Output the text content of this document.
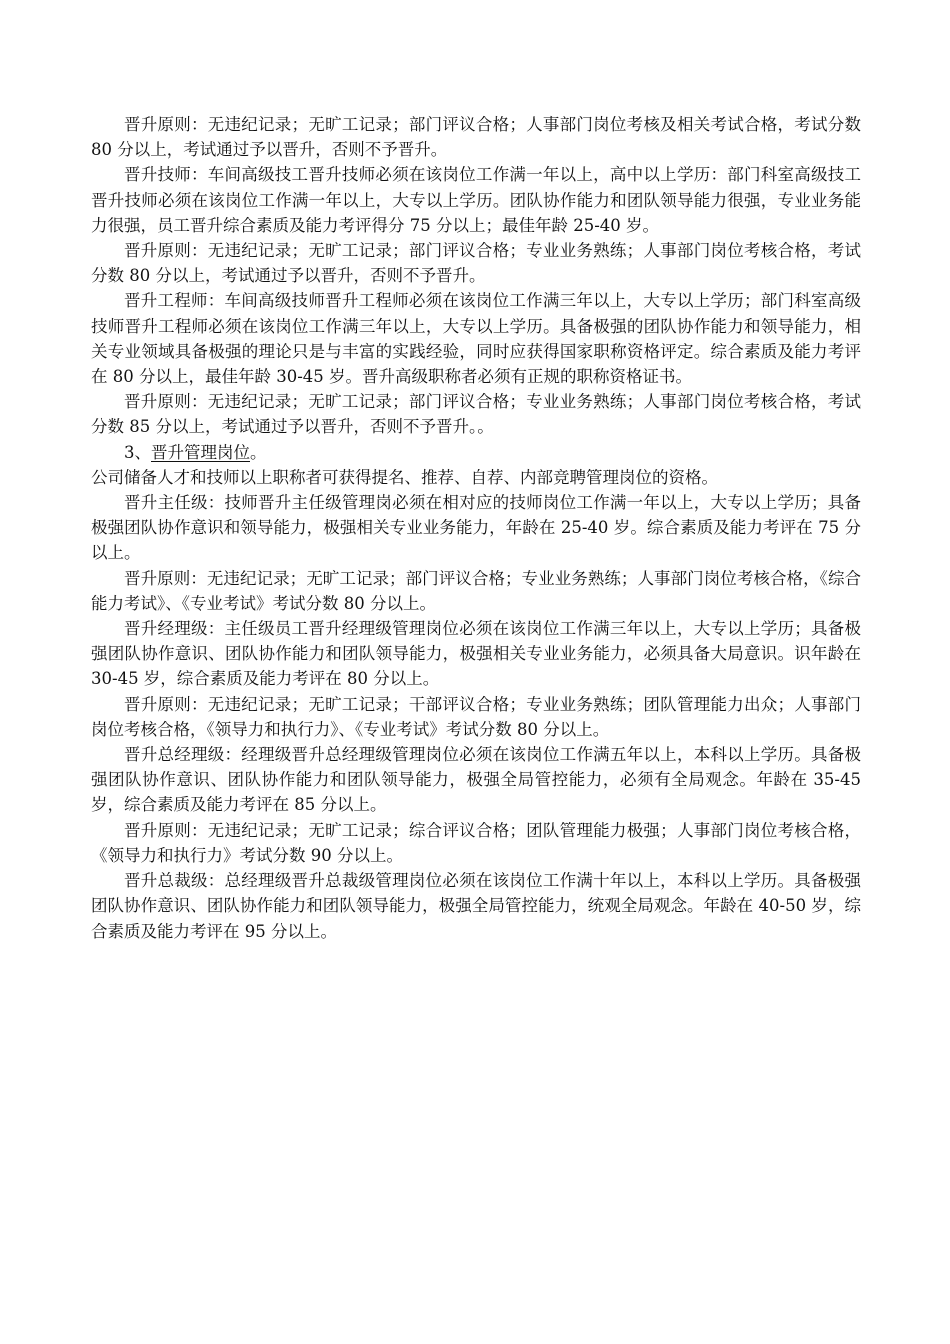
晋升原则：无违纪记录；无旷工记录；部门评议合格；人事部门岗位考核及相关考试合格，考试分数 80 分以上，考试通过予以晋升，否则不予晋升。

晋升技师：车间高级技工晋升技师必须在该岗位工作满一年以上，高中以上学历：部门科室高级技工晋升技师必须在该岗位工作满一年以上，大专以上学历。团队协作能力和团队领导能力很强，专业业务能力很强，员工晋升综合素质及能力考评得分 75 分以上；最佳年龄 25-40 岁。

晋升原则：无违纪记录；无旷工记录；部门评议合格；专业业务熟练；人事部门岗位考核合格，考试分数 80 分以上，考试通过予以晋升，否则不予晋升。

晋升工程师：车间高级技师晋升工程师必须在该岗位工作满三年以上，大专以上学历；部门科室高级技师晋升工程师必须在该岗位工作满三年以上，大专以上学历。具备极强的团队协作能力和领导能力，相关专业领域具备极强的理论只是与丰富的实践经验，同时应获得国家职称资格评定。综合素质及能力考评在 80 分以上，最佳年龄 30-45 岁。晋升高级职称者必须有正规的职称资格证书。

晋升原则：无违纪记录；无旷工记录；部门评议合格；专业业务熟练；人事部门岗位考核合格，考试分数 85 分以上，考试通过予以晋升，否则不予晋升。。

3、晋升管理岗位。

公司储备人才和技师以上职称者可获得提名、推荐、自荐、内部竞聘管理岗位的资格。

晋升主任级：技师晋升主任级管理岗必须在相对应的技师岗位工作满一年以上，大专以上学历；具备极强团队协作意识和领导能力，极强相关专业业务能力，年龄在 25-40 岁。综合素质及能力考评在 75 分以上。

晋升原则：无违纪记录；无旷工记录；部门评议合格；专业业务熟练；人事部门岗位考核合格，《综合能力考试》、《专业考试》考试分数 80 分以上。

晋升经理级：主任级员工晋升经理级管理岗位必须在该岗位工作满三年以上，大专以上学历；具备极强团队协作意识、团队协作能力和团队领导能力，极强相关专业业务能力，必须具备大局意识。识年龄在 30-45 岁，综合素质及能力考评在 80 分以上。

晋升原则：无违纪记录；无旷工记录；干部评议合格；专业业务熟练；团队管理能力出众；人事部门岗位考核合格，《领导力和执行力》、《专业考试》考试分数 80 分以上。

晋升总经理级：经理级晋升总经理级管理岗位必须在该岗位工作满五年以上，本科以上学历。具备极强团队协作意识、团队协作能力和团队领导能力，极强全局管控能力，必须有全局观念。年龄在 35-45 岁，综合素质及能力考评在 85 分以上。

晋升原则：无违纪记录；无旷工记录；综合评议合格；团队管理能力极强；人事部门岗位考核合格，《领导力和执行力》考试分数 90 分以上。

晋升总裁级：总经理级晋升总裁级管理岗位必须在该岗位工作满十年以上，本科以上学历。具备极强团队协作意识、团队协作能力和团队领导能力，极强全局管控能力，统观全局观念。年龄在 40-50 岁，综合素质及能力考评在 95 分以上。
